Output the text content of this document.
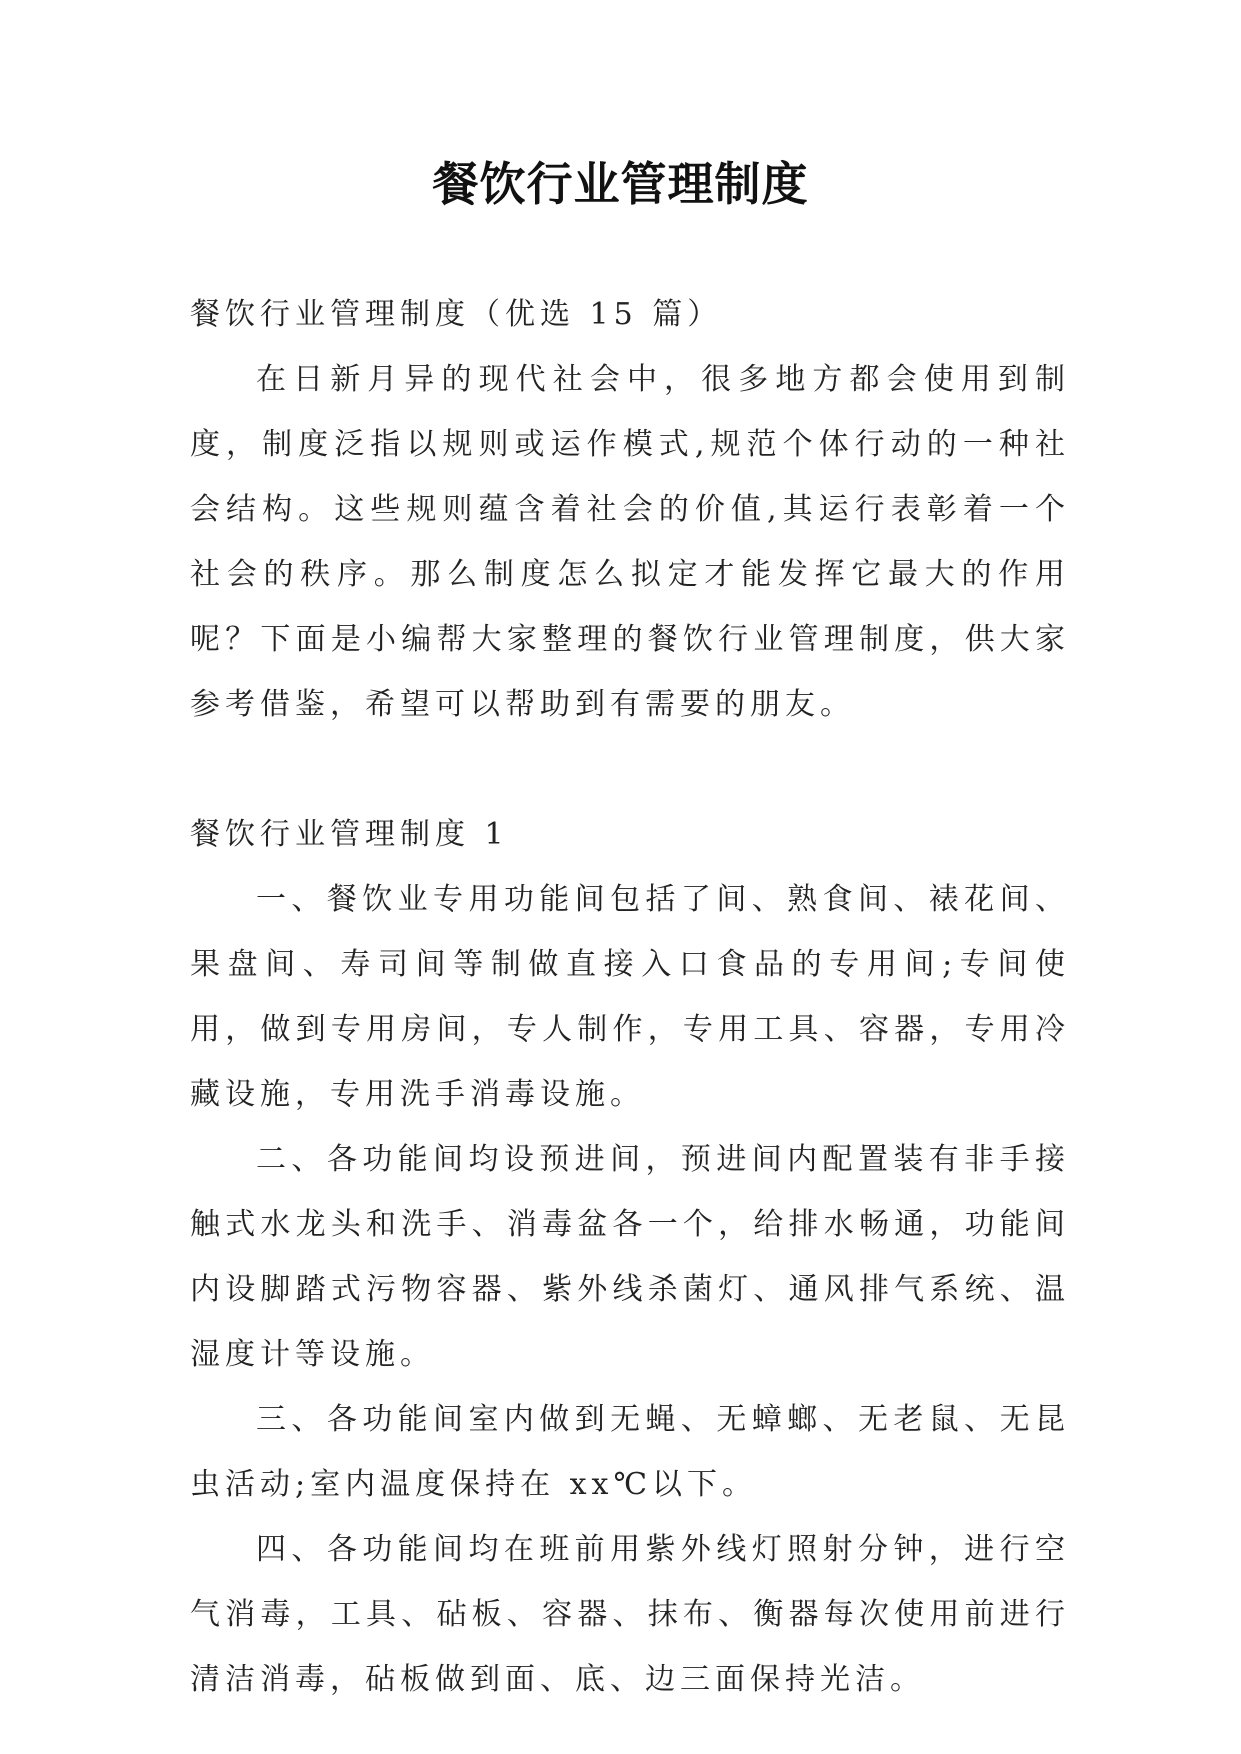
餐饮行业管理制度

餐饮行业管理制度（优选 15 篇）

在日新月异的现代社会中，很多地方都会使用到制度，制度泛指以规则或运作模式,规范个体行动的一种社会结构。这些规则蕴含着社会的价值,其运行表彰着一个社会的秩序。那么制度怎么拟定才能发挥它最大的作用呢？下面是小编帮大家整理的餐饮行业管理制度，供大家参考借鉴，希望可以帮助到有需要的朋友。

餐饮行业管理制度 1

一、餐饮业专用功能间包括了间、熟食间、裱花间、果盘间、寿司间等制做直接入口食品的专用间;专间使用，做到专用房间，专人制作，专用工具、容器，专用冷藏设施，专用洗手消毒设施。

二、各功能间均设预进间，预进间内配置装有非手接触式水龙头和洗手、消毒盆各一个，给排水畅通，功能间内设脚踏式污物容器、紫外线杀菌灯、通风排气系统、温湿度计等设施。

三、各功能间室内做到无蝇、无蟑螂、无老鼠、无昆虫活动;室内温度保持在 xx℃以下。

四、各功能间均在班前用紫外线灯照射分钟，进行空气消毒，工具、砧板、容器、抹布、衡器每次使用前进行清洁消毒，砧板做到面、底、边三面保持光洁。
